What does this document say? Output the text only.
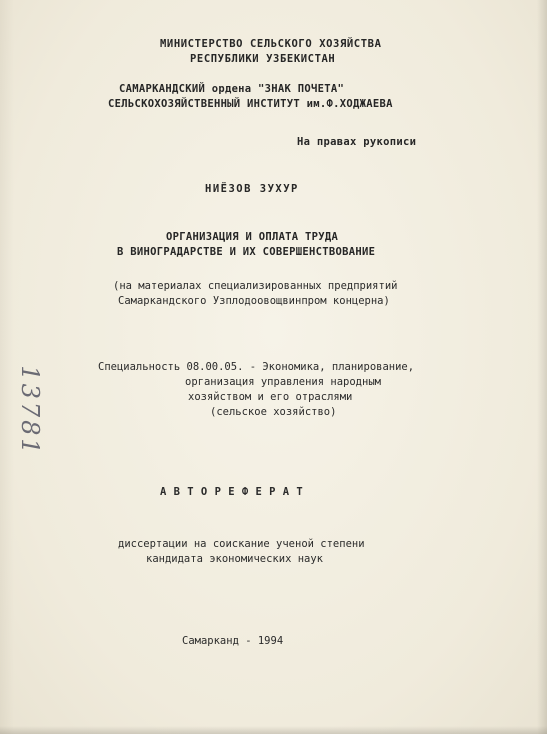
МИНИСТЕРСТВО СЕЛЬСКОГО ХОЗЯЙСТВА
РЕСПУБЛИКИ УЗБЕКИСТАН
САМАРКАНДСКИЙ ордена "ЗНАК ПОЧЕТА"
СЕЛЬСКОХОЗЯЙСТВЕННЫЙ ИНСТИТУТ им.Ф.ХОДЖАЕВА
На правах рукописи
НИЁЗОВ ЗУХУР
ОРГАНИЗАЦИЯ И ОПЛАТА ТРУДА
В ВИНОГРАДАРСТВЕ И ИХ СОВЕРШЕНСТВОВАНИЕ
(на материалах специализированных предприятий
Самаркандского Узплодоовощвинпром концерна)
Специальность 08.00.05. - Экономика, планирование,
организация управления народным
хозяйством и его отраслями
(сельское хозяйство)
А В Т О Р Е Ф Е Р А Т
диссертации на соискание ученой степени
кандидата экономических наук
Самарканд - 1994
13781
